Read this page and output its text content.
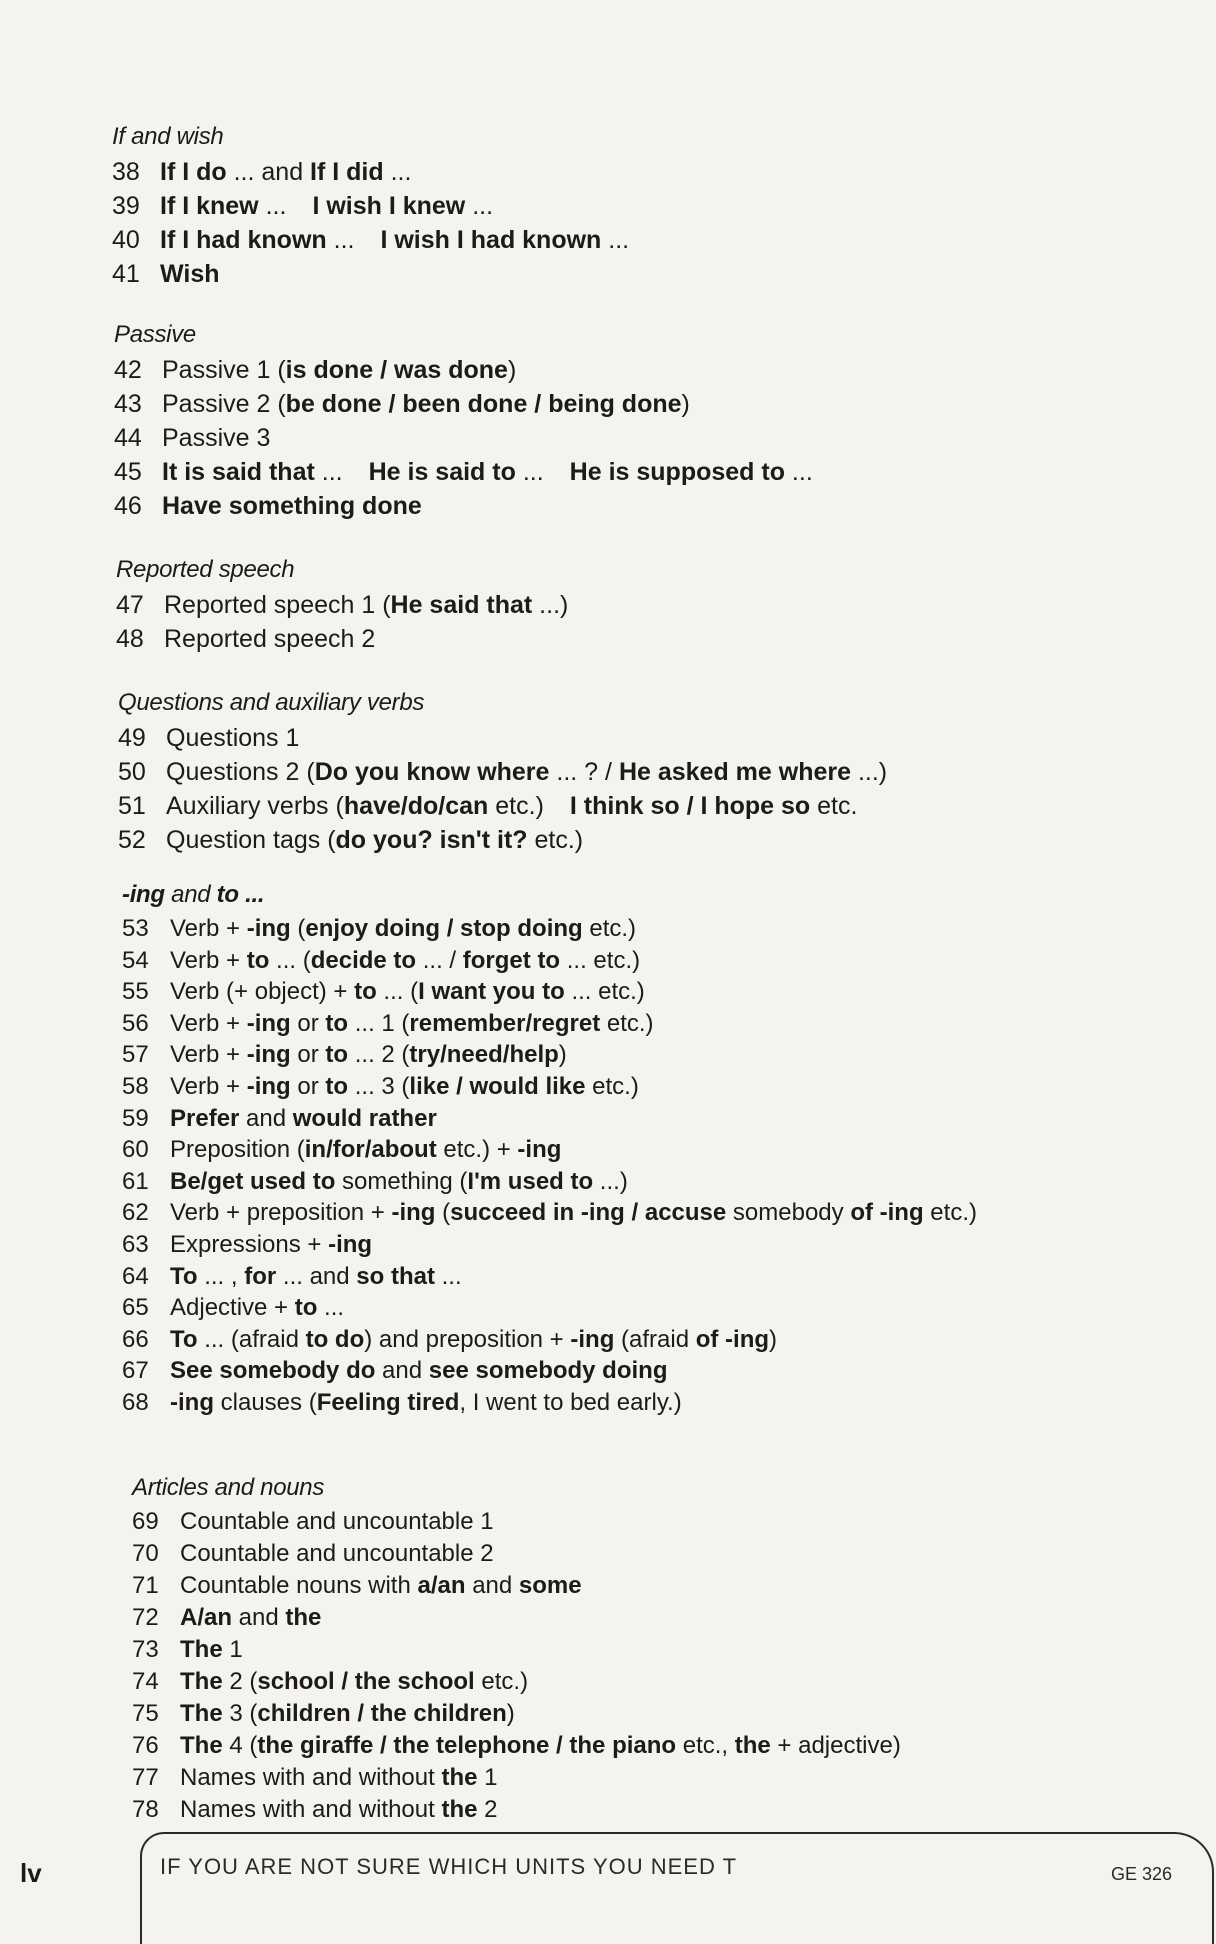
If and wish
38 If I do ... and If I did ...
39 If I knew ... I wish I knew ...
40 If I had known ... I wish I had known ...
41 Wish
Passive
42 Passive 1 (is done / was done)
43 Passive 2 (be done / been done / being done)
44 Passive 3
45 It is said that ... He is said to ... He is supposed to ...
46 Have something done
Reported speech
47 Reported speech 1 (He said that ...)
48 Reported speech 2
Questions and auxiliary verbs
49 Questions 1
50 Questions 2 (Do you know where ... ? / He asked me where ...)
51 Auxiliary verbs (have/do/can etc.) I think so / I hope so etc.
52 Question tags (do you? isn't it? etc.)
-ing and to ...
53 Verb + -ing (enjoy doing / stop doing etc.)
54 Verb + to ... (decide to ... / forget to ... etc.)
55 Verb (+ object) + to ... (I want you to ... etc.)
56 Verb + -ing or to ... 1 (remember/regret etc.)
57 Verb + -ing or to ... 2 (try/need/help)
58 Verb + -ing or to ... 3 (like / would like etc.)
59 Prefer and would rather
60 Preposition (in/for/about etc.) + -ing
61 Be/get used to something (I'm used to ...)
62 Verb + preposition + -ing (succeed in -ing / accuse somebody of -ing etc.)
63 Expressions + -ing
64 To ... , for ... and so that ...
65 Adjective + to ...
66 To ... (afraid to do) and preposition + -ing (afraid of -ing)
67 See somebody do and see somebody doing
68 -ing clauses (Feeling tired, I went to bed early.)
Articles and nouns
69 Countable and uncountable 1
70 Countable and uncountable 2
71 Countable nouns with a/an and some
72 A/an and the
73 The 1
74 The 2 (school / the school etc.)
75 The 3 (children / the children)
76 The 4 (the giraffe / the telephone / the piano etc., the + adjective)
77 Names with and without the 1
78 Names with and without the 2
lv	IF YOU ARE NOT SURE WHICH UNITS YOU NEED T	GE 326
